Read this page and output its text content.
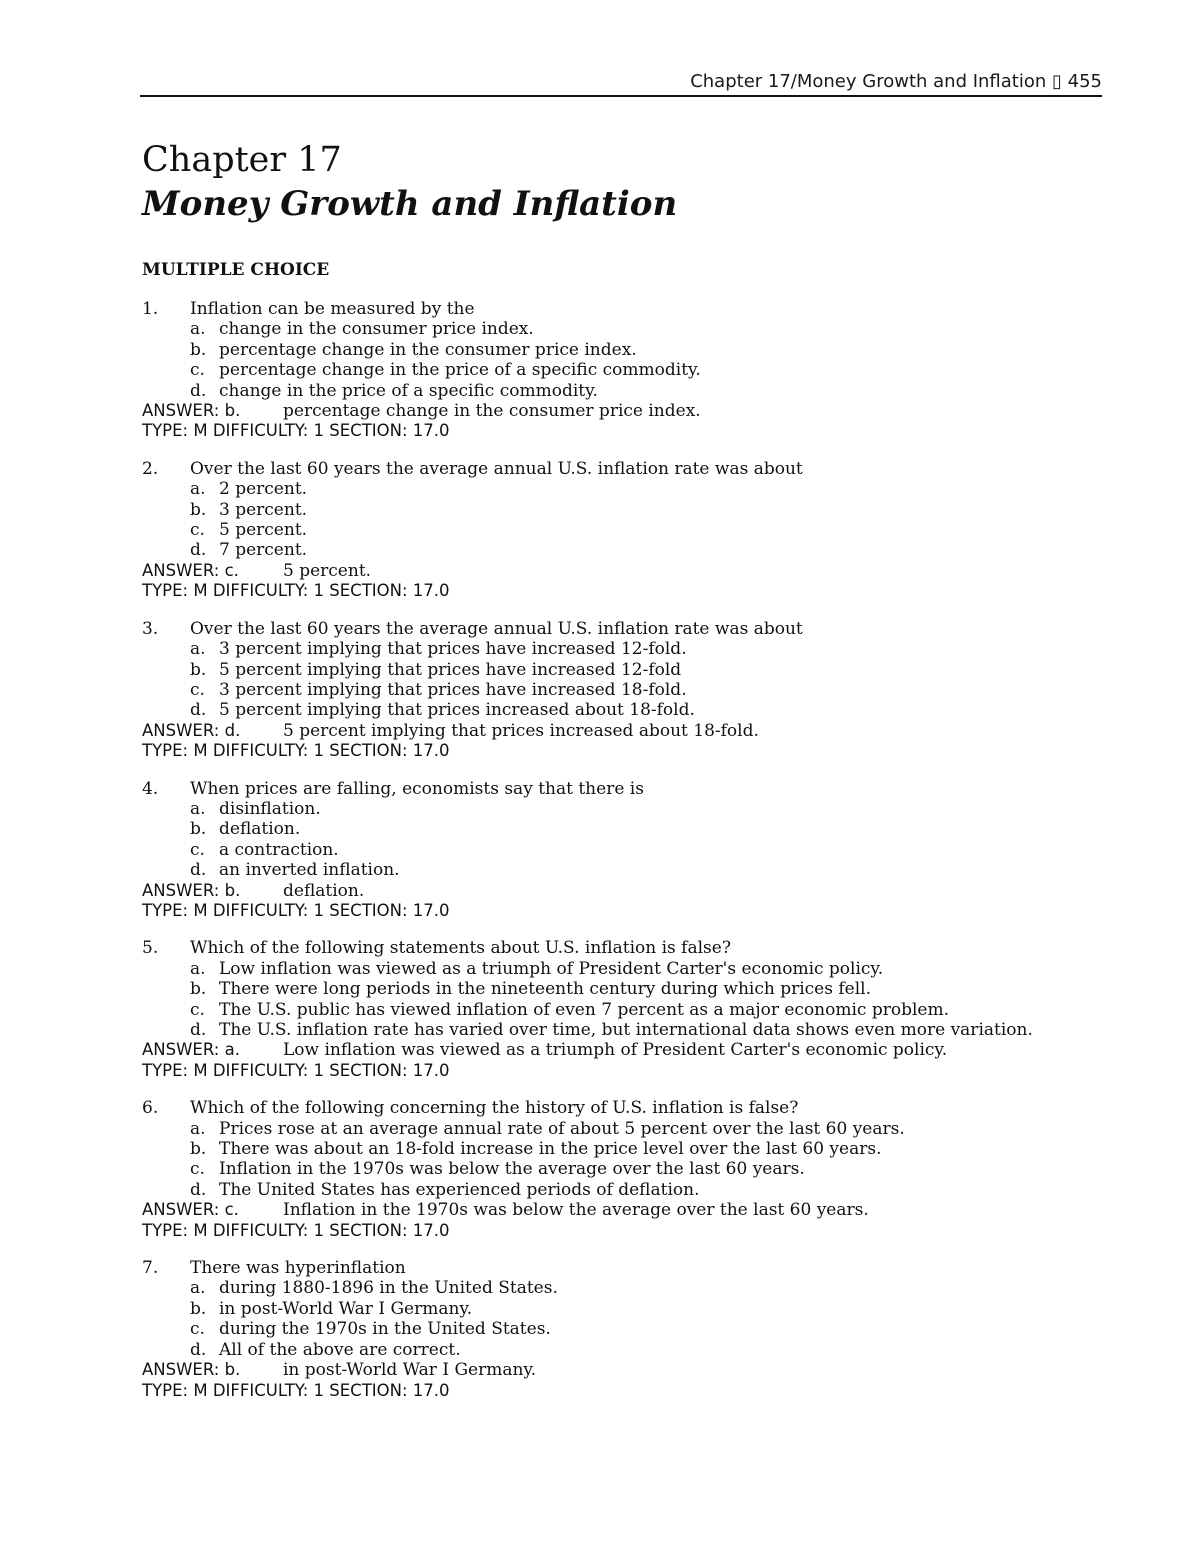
Chapter 17/Money Growth and Inflation ▯ 455
Chapter 17
Money Growth and Inflation
MULTIPLE CHOICE
1.	Inflation can be measured by the
a. change in the consumer price index.
b. percentage change in the consumer price index.
c. percentage change in the price of a specific commodity.
d. change in the price of a specific commodity.
ANSWER: b.	percentage change in the consumer price index.
TYPE: M DIFFICULTY: 1 SECTION: 17.0
2.	Over the last 60 years the average annual U.S. inflation rate was about
a. 2 percent.
b. 3 percent.
c. 5 percent.
d. 7 percent.
ANSWER: c.	5 percent.
TYPE: M DIFFICULTY: 1 SECTION: 17.0
3.	Over the last 60 years the average annual U.S. inflation rate was about
a. 3 percent implying that prices have increased 12-fold.
b. 5 percent implying that prices have increased 12-fold
c. 3 percent implying that prices have increased 18-fold.
d. 5 percent implying that prices increased about 18-fold.
ANSWER: d.	5 percent implying that prices increased about 18-fold.
TYPE: M DIFFICULTY: 1 SECTION: 17.0
4.	When prices are falling, economists say that there is
a. disinflation.
b. deflation.
c. a contraction.
d. an inverted inflation.
ANSWER: b.	deflation.
TYPE: M DIFFICULTY: 1 SECTION: 17.0
5.	Which of the following statements about U.S. inflation is false?
a. Low inflation was viewed as a triumph of President Carter's economic policy.
b. There were long periods in the nineteenth century during which prices fell.
c. The U.S. public has viewed inflation of even 7 percent as a major economic problem.
d. The U.S. inflation rate has varied over time, but international data shows even more variation.
ANSWER: a.	Low inflation was viewed as a triumph of President Carter's economic policy.
TYPE: M DIFFICULTY: 1 SECTION: 17.0
6.	Which of the following concerning the history of U.S. inflation is false?
a. Prices rose at an average annual rate of about 5 percent over the last 60 years.
b. There was about an 18-fold increase in the price level over the last 60 years.
c. Inflation in the 1970s was below the average over the last 60 years.
d. The United States has experienced periods of deflation.
ANSWER: c.	Inflation in the 1970s was below the average over the last 60 years.
TYPE: M DIFFICULTY: 1 SECTION: 17.0
7.	There was hyperinflation
a. during 1880-1896 in the United States.
b. in post-World War I Germany.
c. during the 1970s in the United States.
d. All of the above are correct.
ANSWER: b.	in post-World War I Germany.
TYPE: M DIFFICULTY: 1 SECTION: 17.0
